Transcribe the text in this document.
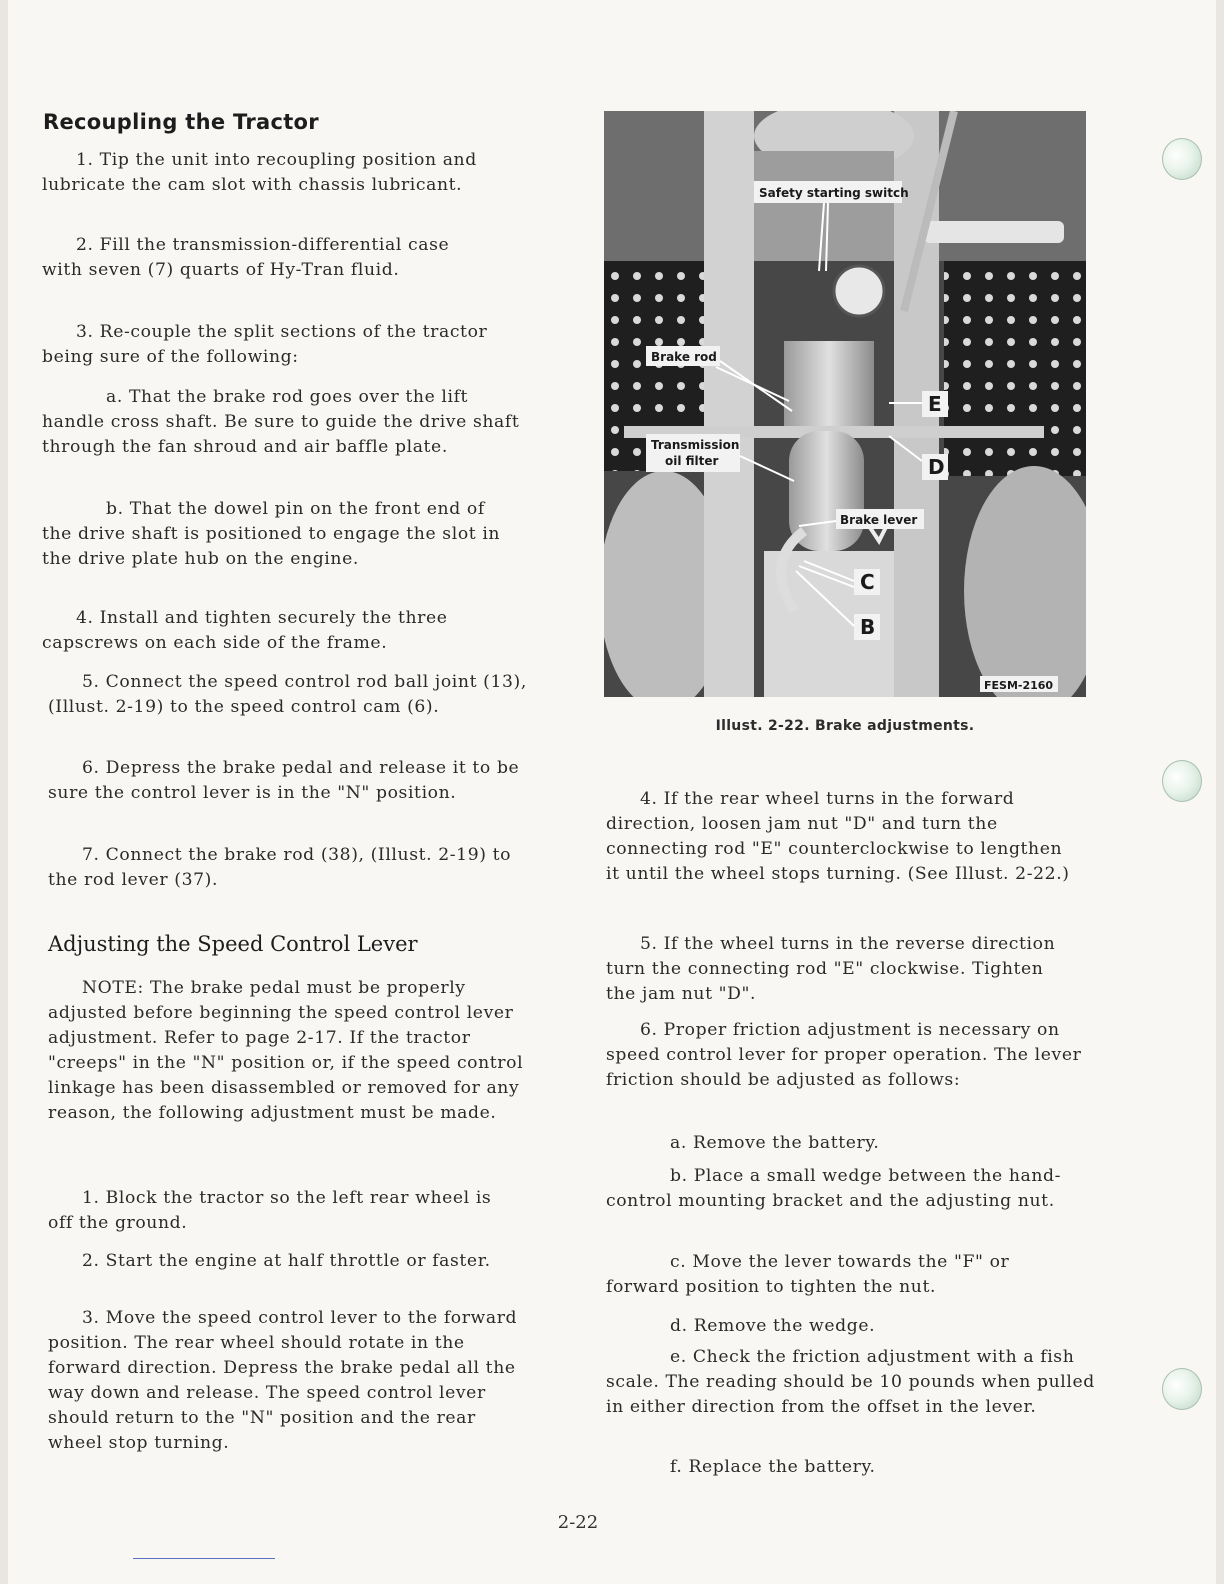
Recoupling the Tractor

1. Tip the unit into recoupling position and lubricate the cam slot with chassis lubricant.

2. Fill the transmission-differential case with seven (7) quarts of Hy-Tran fluid.

3. Re-couple the split sections of the tractor being sure of the following:

a. That the brake rod goes over the lift handle cross shaft. Be sure to guide the drive shaft through the fan shroud and air baffle plate.

b. That the dowel pin on the front end of the drive shaft is positioned to engage the slot in the drive plate hub on the engine.

4. Install and tighten securely the three capscrews on each side of the frame.

5. Connect the speed control rod ball joint (13), (Illust. 2-19) to the speed control cam (6).

6. Depress the brake pedal and release it to be sure the control lever is in the "N" position.

7. Connect the brake rod (38), (Illust. 2-19) to the rod lever (37).

Adjusting the Speed Control Lever

NOTE: The brake pedal must be properly adjusted before beginning the speed control lever adjustment. Refer to page 2-17. If the tractor "creeps" in the "N" position or, if the speed control linkage has been disassembled or removed for any reason, the following adjustment must be made.

1. Block the tractor so the left rear wheel is off the ground.

2. Start the engine at half throttle or faster.

3. Move the speed control lever to the forward position. The rear wheel should rotate in the forward direction. Depress the brake pedal all the way down and release. The speed control lever should return to the "N" position and the rear wheel stop turning.

Safety starting switch
Brake rod
Transmission
oil filter
Brake lever
E
D
C
B
FESM-2160
Illust. 2-22. Brake adjustments.

4. If the rear wheel turns in the forward direction, loosen jam nut "D" and turn the connecting rod "E" counterclockwise to lengthen it until the wheel stops turning. (See Illust. 2-22.)

5. If the wheel turns in the reverse direction turn the connecting rod "E" clockwise. Tighten the jam nut "D".

6. Proper friction adjustment is necessary on speed control lever for proper operation. The lever friction should be adjusted as follows:

a. Remove the battery.

b. Place a small wedge between the hand-control mounting bracket and the adjusting nut.

c. Move the lever towards the "F" or forward position to tighten the nut.

d. Remove the wedge.

e. Check the friction adjustment with a fish scale. The reading should be 10 pounds when pulled in either direction from the offset in the lever.

f. Replace the battery.

2-22
